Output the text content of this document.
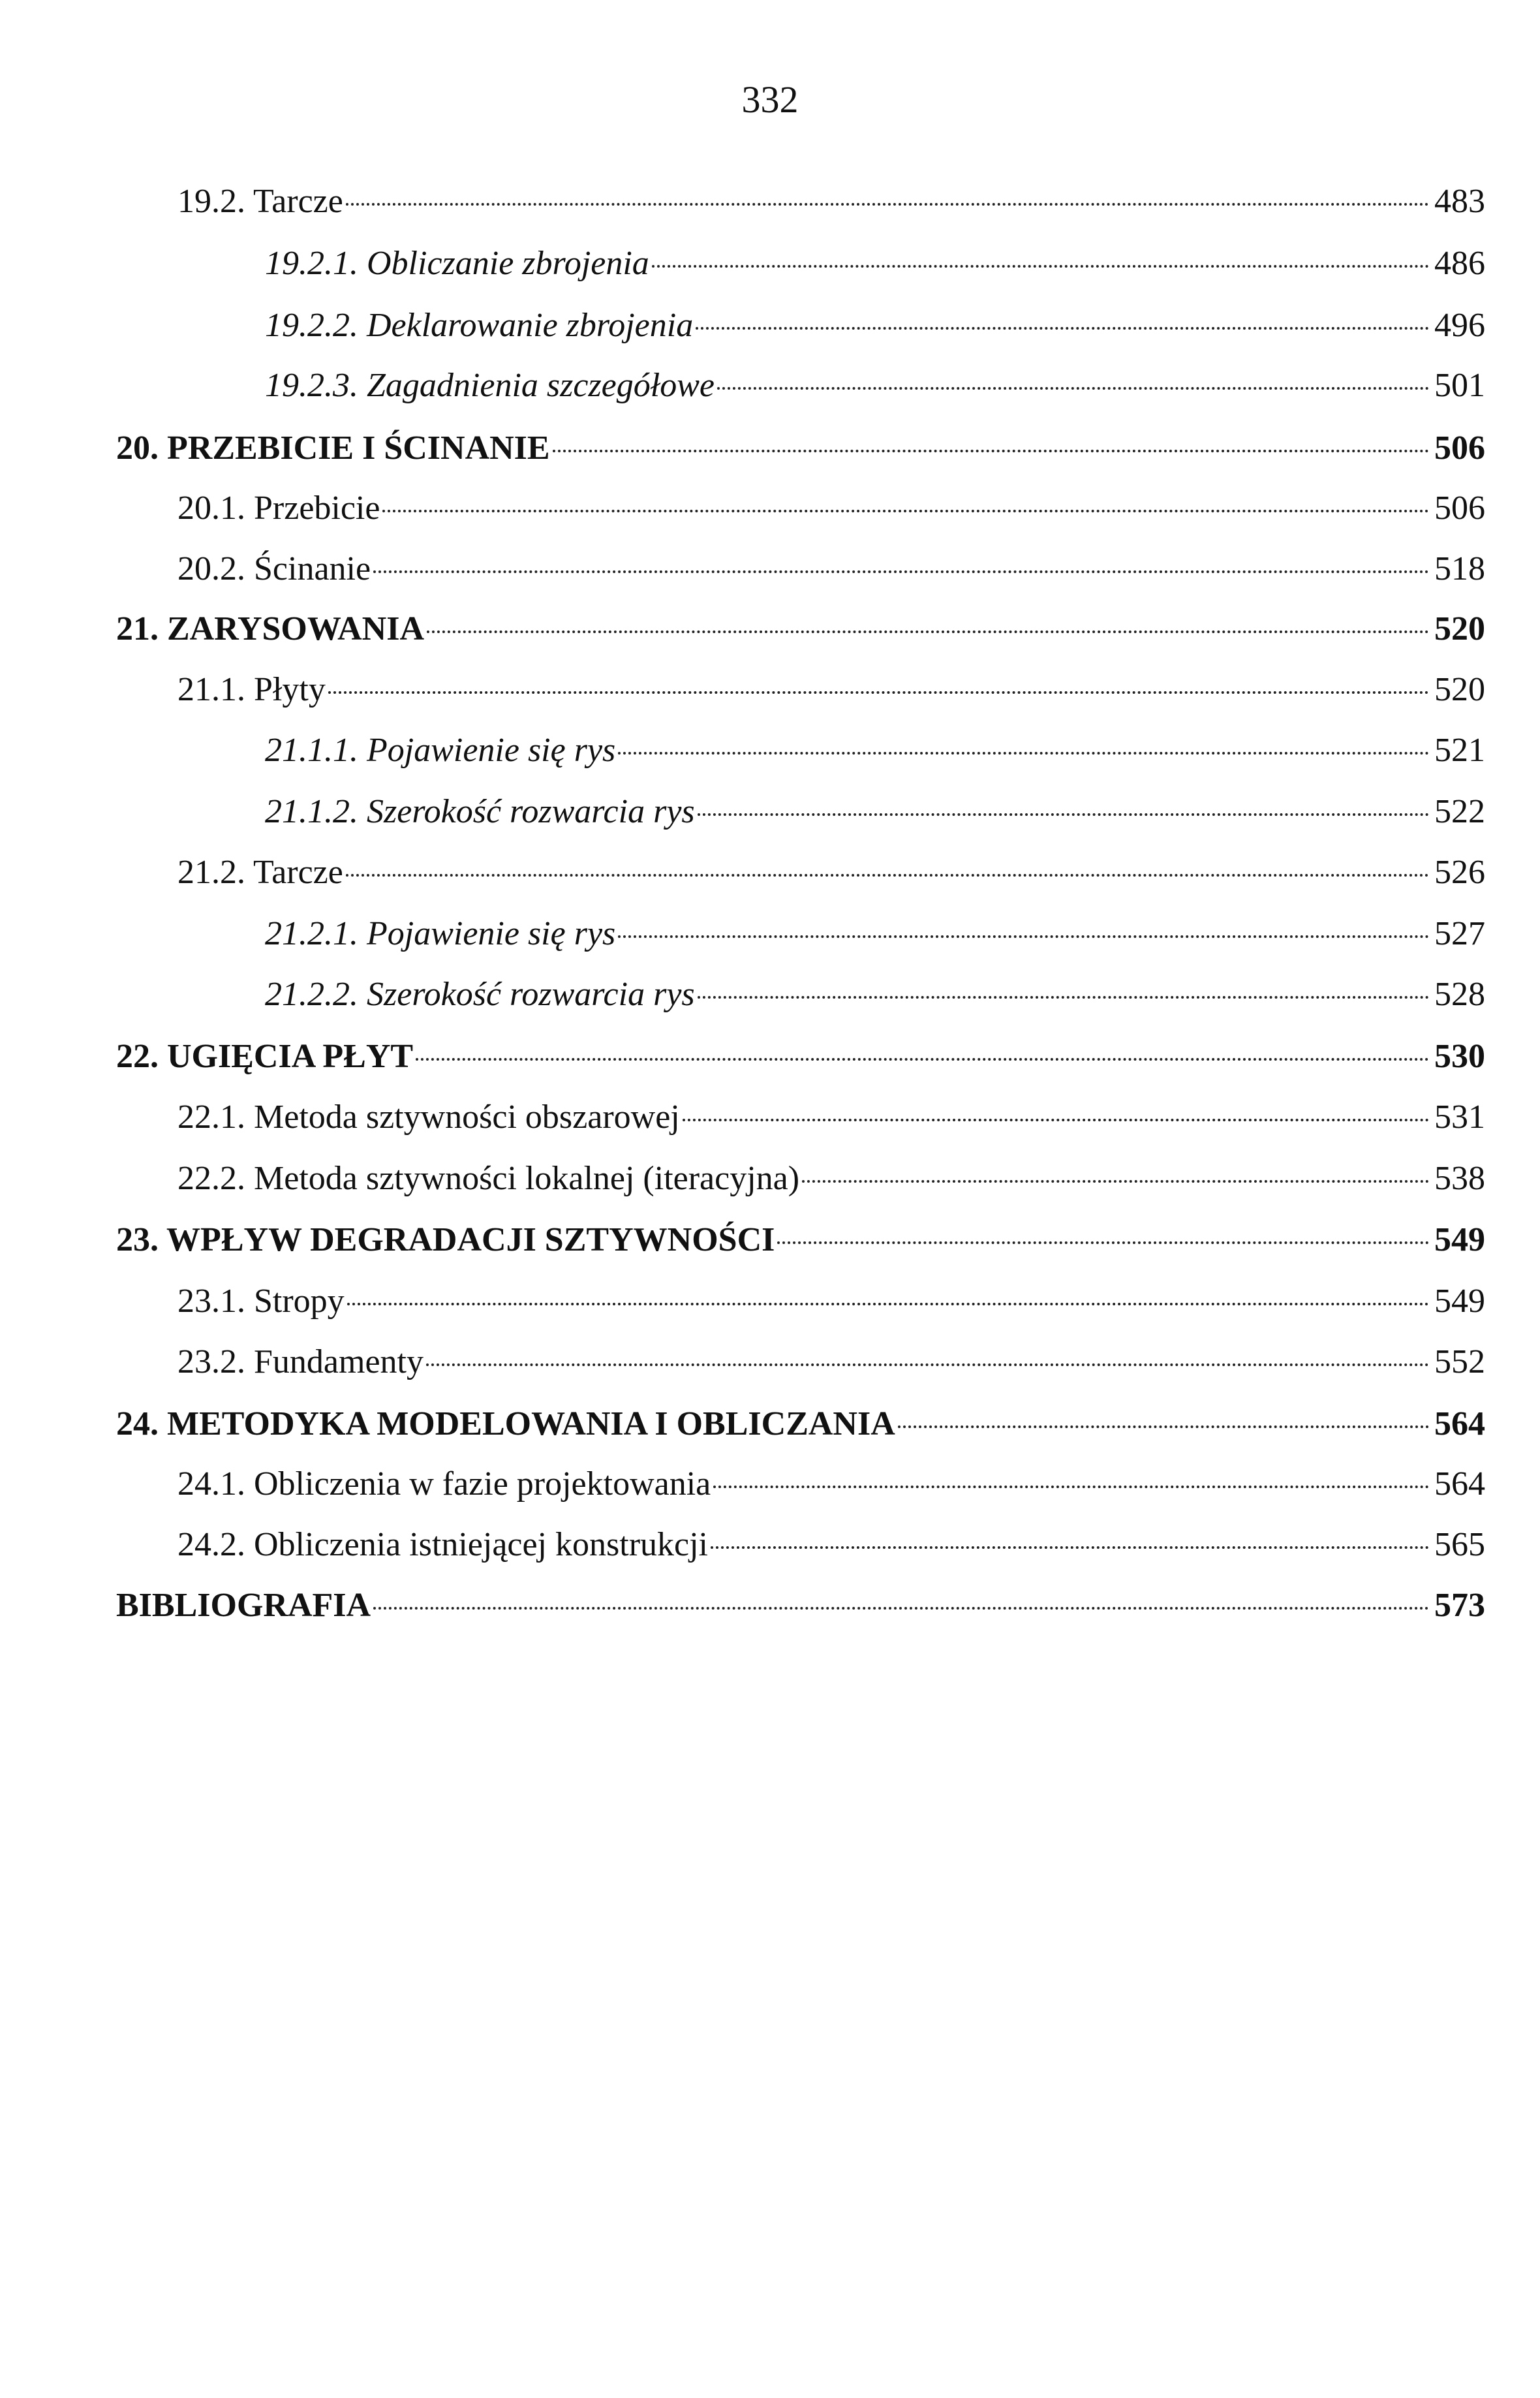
332
19.2. Tarcze	483
19.2.1. Obliczanie zbrojenia	486
19.2.2. Deklarowanie zbrojenia	496
19.2.3. Zagadnienia szczegółowe	501
20. PRZEBICIE I ŚCINANIE	506
20.1. Przebicie	506
20.2. Ścinanie	518
21. ZARYSOWANIA	520
21.1. Płyty	520
21.1.1. Pojawienie się rys	521
21.1.2. Szerokość rozwarcia rys	522
21.2. Tarcze	526
21.2.1. Pojawienie się rys	527
21.2.2. Szerokość rozwarcia rys	528
22. UGIĘCIA PŁYT	530
22.1. Metoda sztywności obszarowej	531
22.2. Metoda sztywności lokalnej (iteracyjna)	538
23. WPŁYW DEGRADACJI SZTYWNOŚCI	549
23.1. Stropy	549
23.2. Fundamenty	552
24. METODYKA MODELOWANIA I OBLICZANIA	564
24.1. Obliczenia w fazie projektowania	564
24.2. Obliczenia istniejącej konstrukcji	565
BIBLIOGRAFIA	573
